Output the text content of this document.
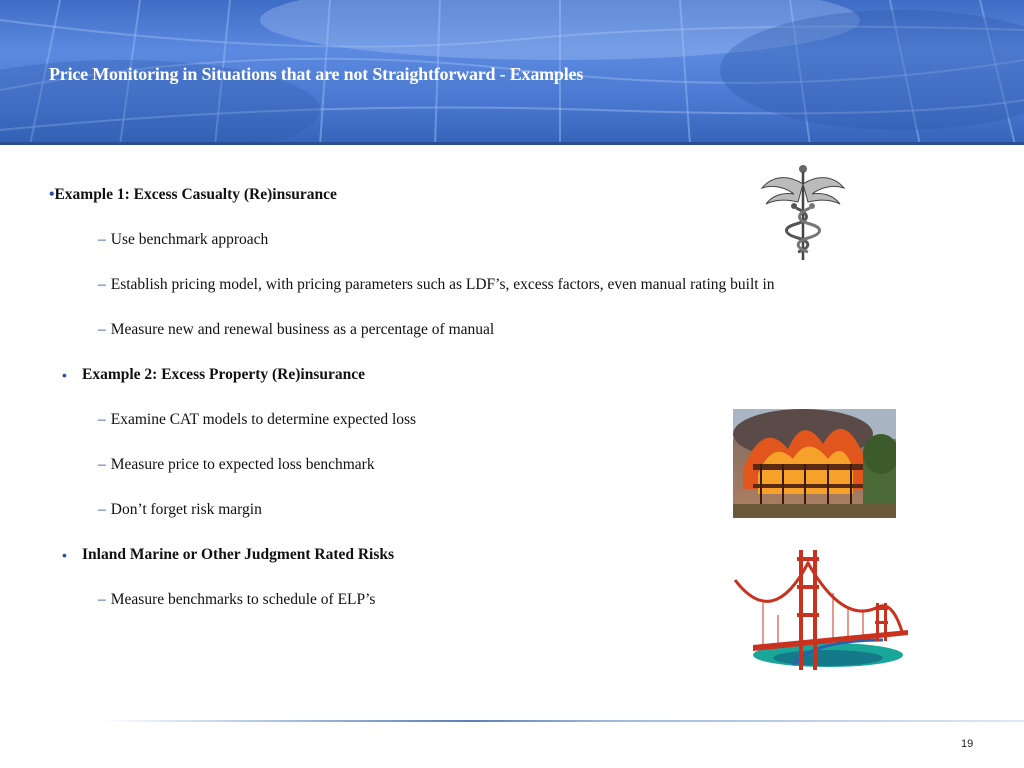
Price Monitoring in Situations that are not Straightforward - Examples
•Example 1: Excess Casualty (Re)insurance
– Use benchmark approach
– Establish pricing model, with pricing parameters such as LDF’s, excess factors, even manual rating built in
– Measure new and renewal business as a percentage of manual
• Example 2: Excess Property (Re)insurance
– Examine CAT models to determine expected loss
– Measure price to expected loss benchmark
– Don’t forget risk margin
• Inland Marine or Other Judgment Rated Risks
– Measure benchmarks to schedule of ELP’s
19
